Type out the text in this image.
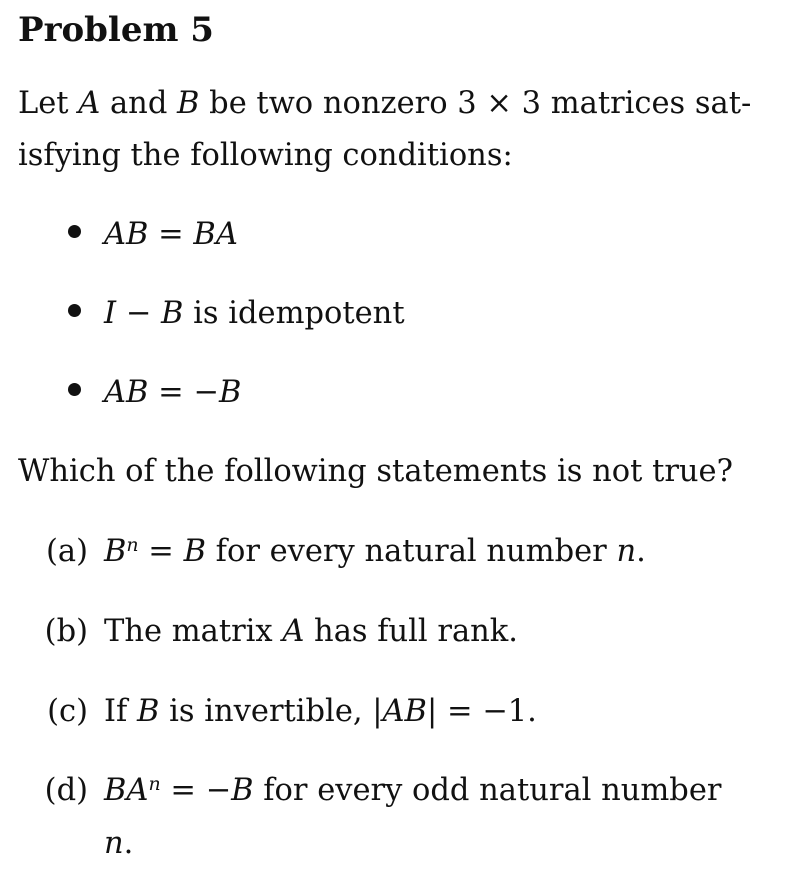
Problem 5
Let A and B be two nonzero 3 × 3 matrices sat-
isfying the following conditions:
AB = BA
I − B is idempotent
AB = −B
Which of the following statements is not true?
(a) $B^n = B$ for every natural number n.
(b) The matrix A has full rank.
(c) If B is invertible, |AB| = −1.
(d) $BA^n = -B$ for every odd natural number
n.
